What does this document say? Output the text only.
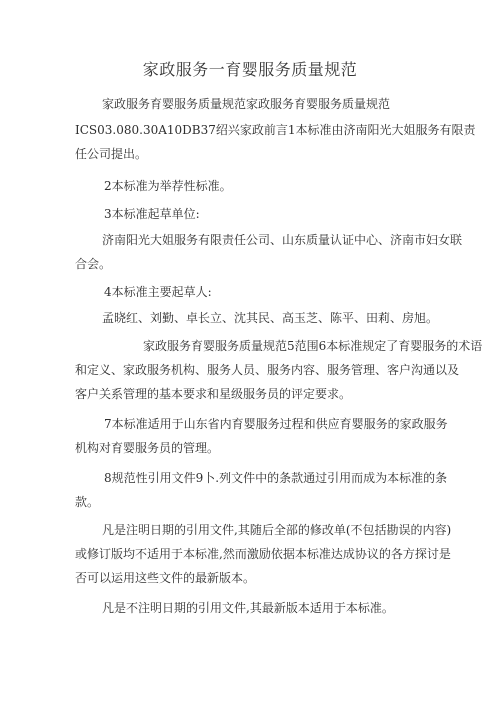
家政服务一育婴服务质量规范

家政服务育婴服务质量规范家政服务育婴服务质量规范

ICS03.080.30A10DB37绍兴家政前言1本标准由济南阳光大姐服务有限责
任公司提出。

2本标准为举荐性标准。

3本标准起草单位:

济南阳光大姐服务有限责任公司、山东质量认证中心、济南市妇女联

合会。

4本标准主要起草人:

孟晓红、刘勤、卓长立、沈其民、高玉芝、陈平、田莉、房旭。

家政服务育婴服务质量规范5范围6本标准规定了育婴服务的术语

和定义、家政服务机构、服务人员、服务内容、服务管理、客户沟通以及
客户关系管理的基本要求和星级服务员的评定要求。

7本标准适用于山东省内育婴服务过程和供应育婴服务的家政服务

机构对育婴服务员的管理。

8规范性引用文件9卜.列文件中的条款通过引用而成为本标准的条

款。

凡是注明日期的引用文件,其随后全部的修改单(不包括勘误的内容)

或修订版均不适用于本标准,然而激励依据本标准达成协议的各方探讨是
否可以运用这些文件的最新版本。

凡是不注明日期的引用文件,其最新版本适用于本标准。
